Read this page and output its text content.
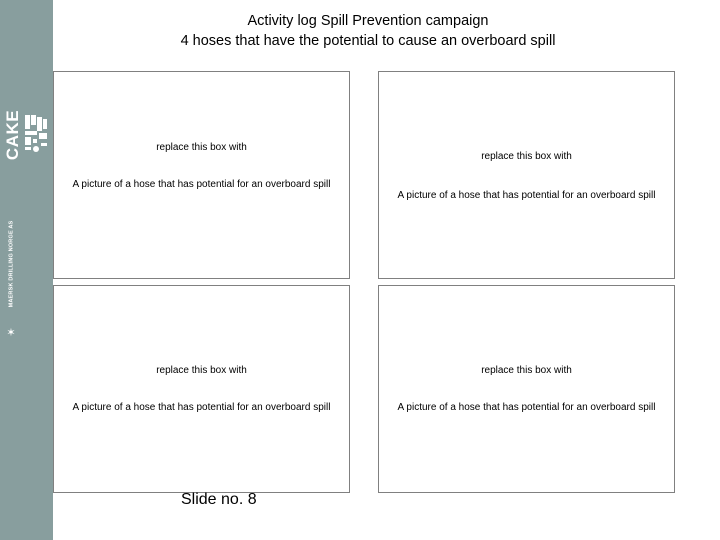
CAKE
MAERSK DRILLING NORGE AS
✶
Activity log Spill Prevention campaign
4 hoses that have the potential to cause an overboard spill
replace this box with
A picture of a hose that has potential for an overboard spill
replace this box with
A picture of a hose that has potential for an overboard spill
replace this box with
A picture of a hose that has potential for an overboard spill
replace this box with
A picture of a hose that has potential for an overboard spill
Slide no. 8
